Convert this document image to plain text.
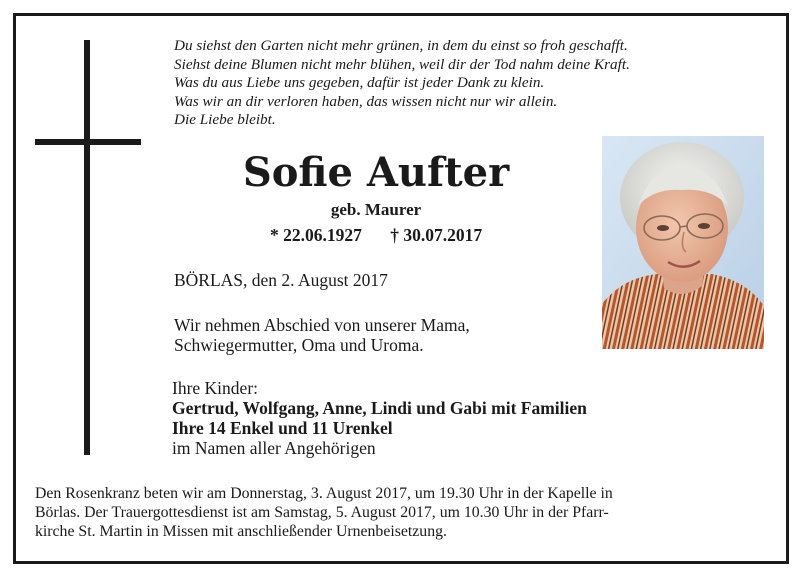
Du siehst den Garten nicht mehr grünen, in dem du einst so froh geschafft.
Siehst deine Blumen nicht mehr blühen, weil dir der Tod nahm deine Kraft.
Was du aus Liebe uns gegeben, dafür ist jeder Dank zu klein.
Was wir an dir verloren haben, das wissen nicht nur wir allein.
Die Liebe bleibt.
Sofie Aufter
geb. Maurer
* 22.06.1927 † 30.07.2017
BÖRLAS, den 2. August 2017
Wir nehmen Abschied von unserer Mama,
Schwiegermutter, Oma und Uroma.
Ihre Kinder:
Gertrud, Wolfgang, Anne, Lindi und Gabi mit Familien
Ihre 14 Enkel und 11 Urenkel
im Namen aller Angehörigen
Den Rosenkranz beten wir am Donnerstag, 3. August 2017, um 19.30 Uhr in der Kapelle in
Börlas. Der Trauergottesdienst ist am Samstag, 5. August 2017, um 10.30 Uhr in der Pfarr-
kirche St. Martin in Missen mit anschließender Urnenbeisetzung.
